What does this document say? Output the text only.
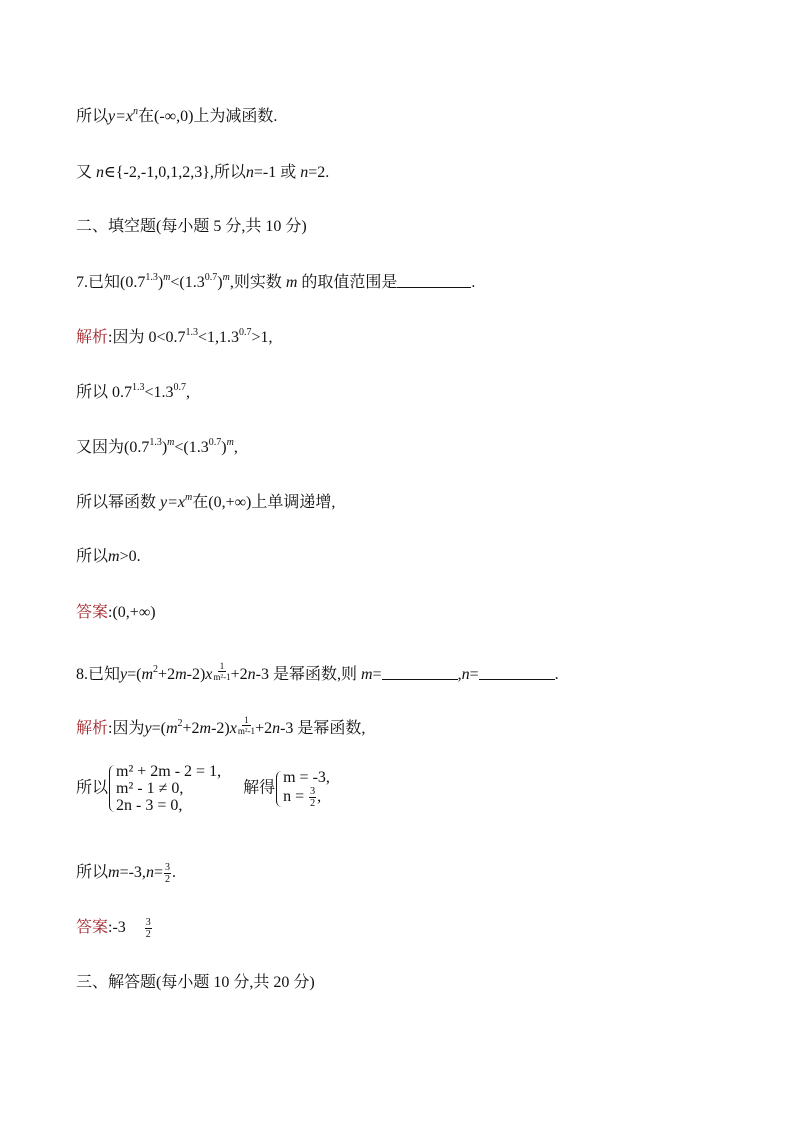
所以$y=x^n$在(-∞,0)上为减函数.
又 n∈{-2,-1,0,1,2,3},所以n=-1 或 n=2.
二、填空题(每小题 5 分,共 10 分)
7.已知$(0.7^{1.3})^m<(1.3^{0.7})^m$,则实数 m 的取值范围是	.
解析:因为 $0<0.7^{1.3}<1,1.3^{0.7}>1$,
所以 $0.7^{1.3}<1.3^{0.7}$,
又因为$(0.7^{1.3})^m<(1.3^{0.7})^m$,
所以幂函数 $y=x^m$在(0,+∞)上单调递增,
所以m>0.
答案:(0,+∞)
8.已知$y=(m^2+2m-2)x \frac{1}{\text{m²-1}} +2n-3$ 是幂函数,则 m=	,n=	.
解析:因为$y=(m^2+2m-2)x \frac{1}{\text{m²-1}} +2n-3$ 是幂函数,
所以
m² + 2m - 2 = 1,
m² - 1 ≠ 0,
2n - 3 = 0,
解得
m = -3,
$n = \frac{3}{2}$ ,
所以$m=-3,n= \frac{3}{2}$ .
答案:-3 $\frac{3}{2}$
三、解答题(每小题 10 分,共 20 分)
